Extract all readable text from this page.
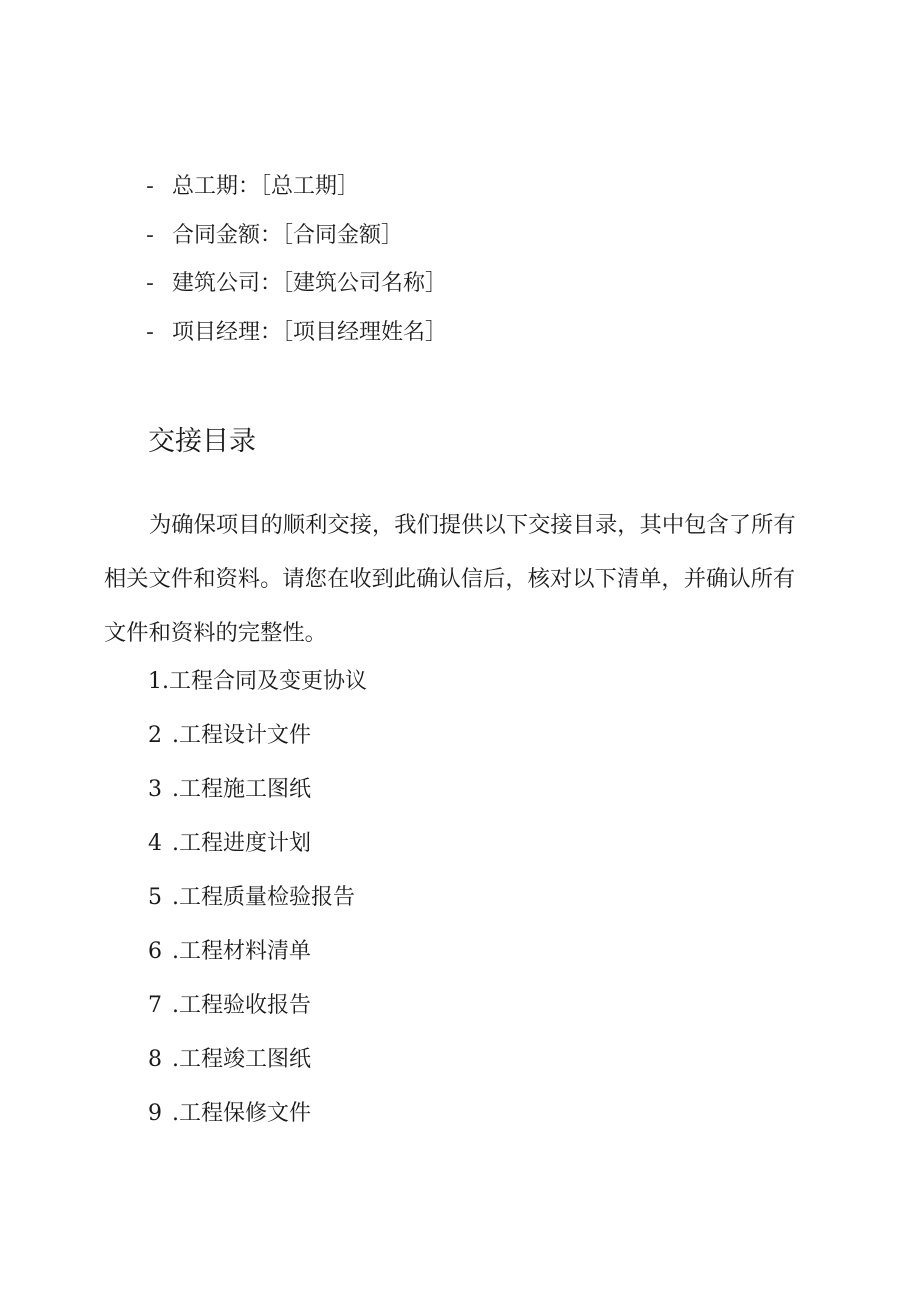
- 总工期：［总工期］
- 合同金额：［合同金额］
- 建筑公司：［建筑公司名称］
- 项目经理：［项目经理姓名］
交接目录
为确保项目的顺利交接，我们提供以下交接目录，其中包含了所有
相关文件和资料。请您在收到此确认信后，核对以下清单，并确认所有
文件和资料的完整性。
1.工程合同及变更协议
2 .工程设计文件
3 .工程施工图纸
4 .工程进度计划
5 .工程质量检验报告
6 .工程材料清单
7 .工程验收报告
8 .工程竣工图纸
9 .工程保修文件
